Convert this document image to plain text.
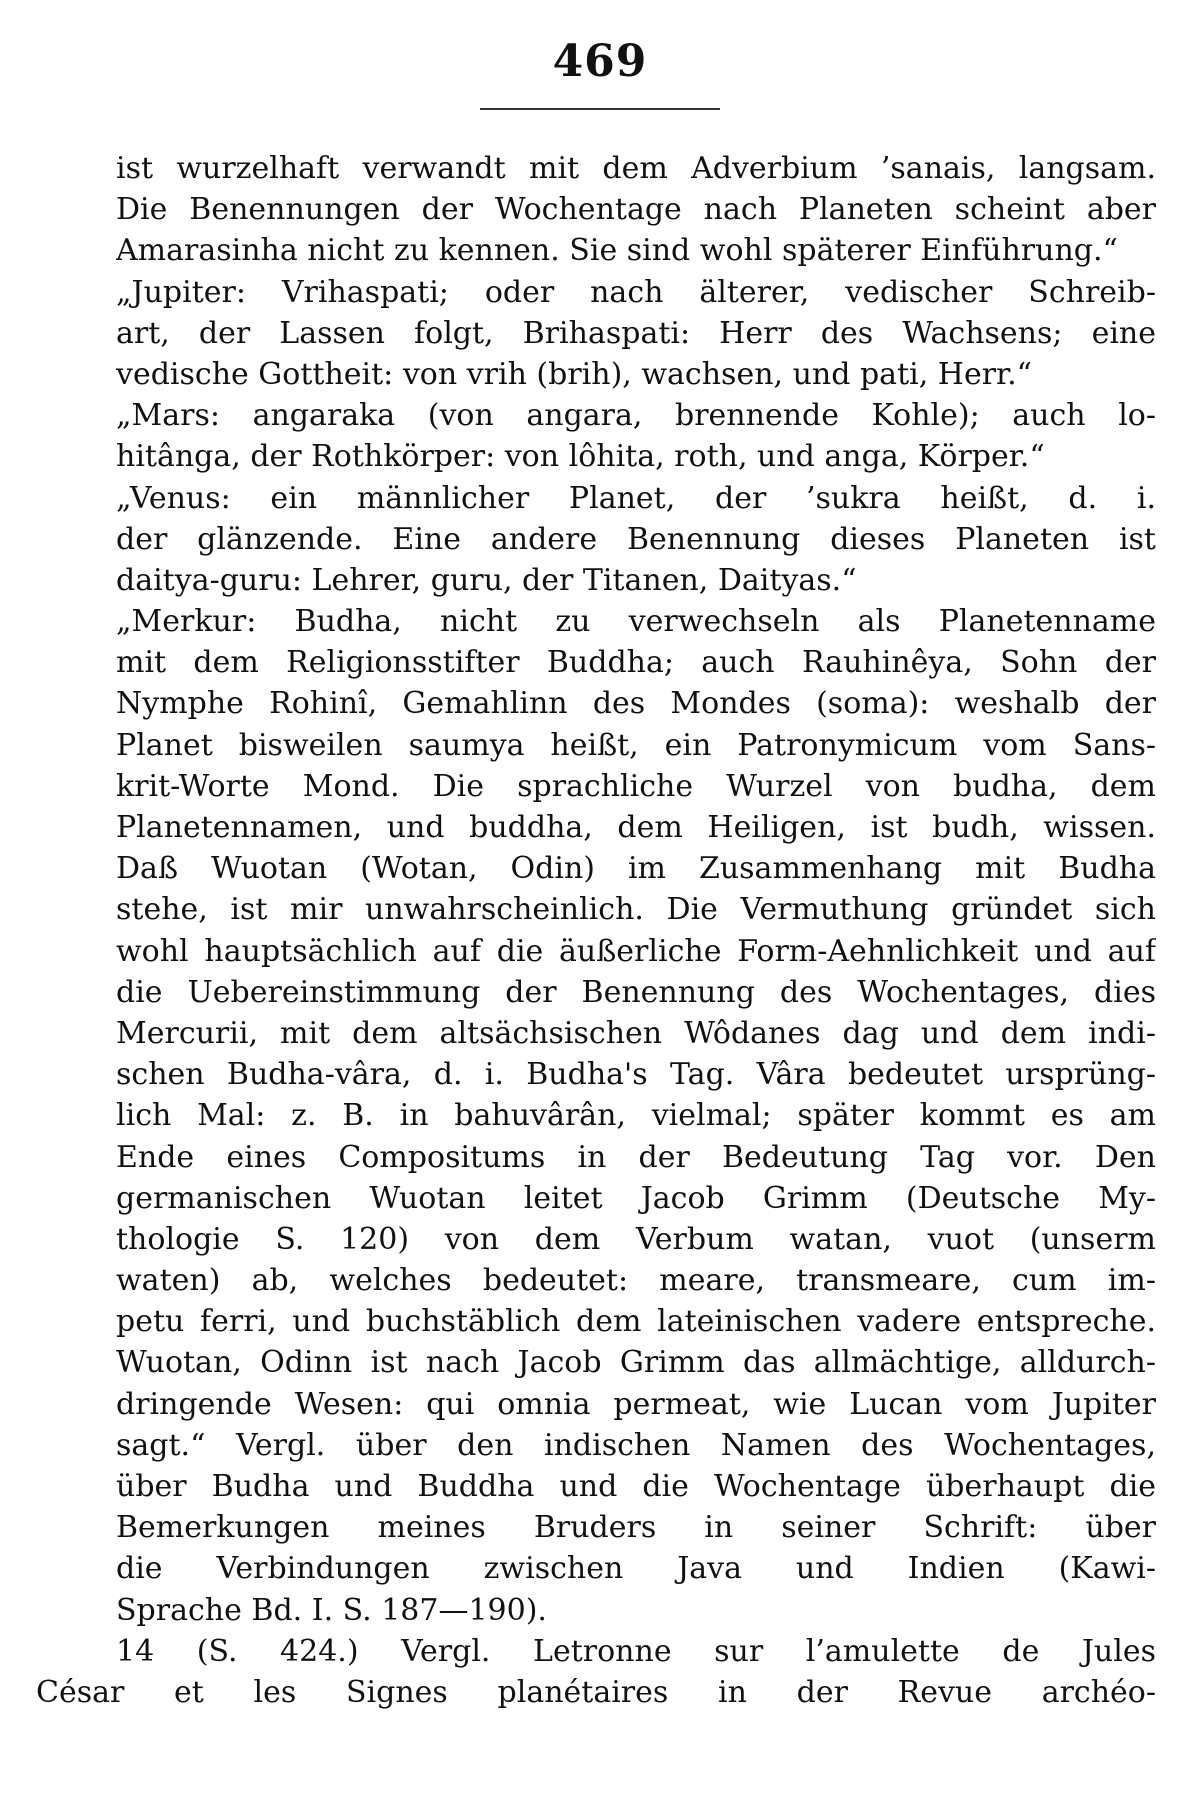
469
ist wurzelhaft verwandt mit dem Adverbium ’sanais, langsam.
Die Benennungen der Wochentage nach Planeten scheint aber
Amarasinha nicht zu kennen. Sie sind wohl späterer Einführung.“
„Jupiter: Vrihaspati; oder nach älterer, vedischer Schreib-
art, der Lassen folgt, Brihaspati: Herr des Wachsens; eine
vedische Gottheit: von vrih (brih), wachsen, und pati, Herr.“
„Mars: angaraka (von angara, brennende Kohle); auch lo-
hitânga, der Rothkörper: von lôhita, roth, und anga, Körper.“
„Venus: ein männlicher Planet, der ’sukra heißt, d. i.
der glänzende. Eine andere Benennung dieses Planeten ist
daitya-guru: Lehrer, guru, der Titanen, Daityas.“
„Merkur: Budha, nicht zu verwechseln als Planetenname
mit dem Religionsstifter Buddha; auch Rauhinêya, Sohn der
Nymphe Rohinî, Gemahlinn des Mondes (soma): weshalb der
Planet bisweilen saumya heißt, ein Patronymicum vom Sans-
krit-Worte Mond. Die sprachliche Wurzel von budha, dem
Planetennamen, und buddha, dem Heiligen, ist budh, wissen.
Daß Wuotan (Wotan, Odin) im Zusammenhang mit Budha
stehe, ist mir unwahrscheinlich. Die Vermuthung gründet sich
wohl hauptsächlich auf die äußerliche Form-Aehnlichkeit und auf
die Uebereinstimmung der Benennung des Wochentages, dies
Mercurii, mit dem altsächsischen Wôdanes dag und dem indi-
schen Budha-vâra, d. i. Budha's Tag. Vâra bedeutet ursprüng-
lich Mal: z. B. in bahuvârân, vielmal; später kommt es am
Ende eines Compositums in der Bedeutung Tag vor. Den
germanischen Wuotan leitet Jacob Grimm (Deutsche My-
thologie S. 120) von dem Verbum watan, vuot (unserm
waten) ab, welches bedeutet: meare, transmeare, cum im-
petu ferri, und buchstäblich dem lateinischen vadere entspreche.
Wuotan, Odinn ist nach Jacob Grimm das allmächtige, alldurch-
dringende Wesen: qui omnia permeat, wie Lucan vom Jupiter
sagt.“ Vergl. über den indischen Namen des Wochentages,
über Budha und Buddha und die Wochentage überhaupt die
Bemerkungen meines Bruders in seiner Schrift: über
die Verbindungen zwischen Java und Indien (Kawi-
Sprache Bd. I. S. 187—190).
14 (S. 424.) Vergl. Letronne sur l’amulette de Jules
César et les Signes planétaires in der Revue archéo-
